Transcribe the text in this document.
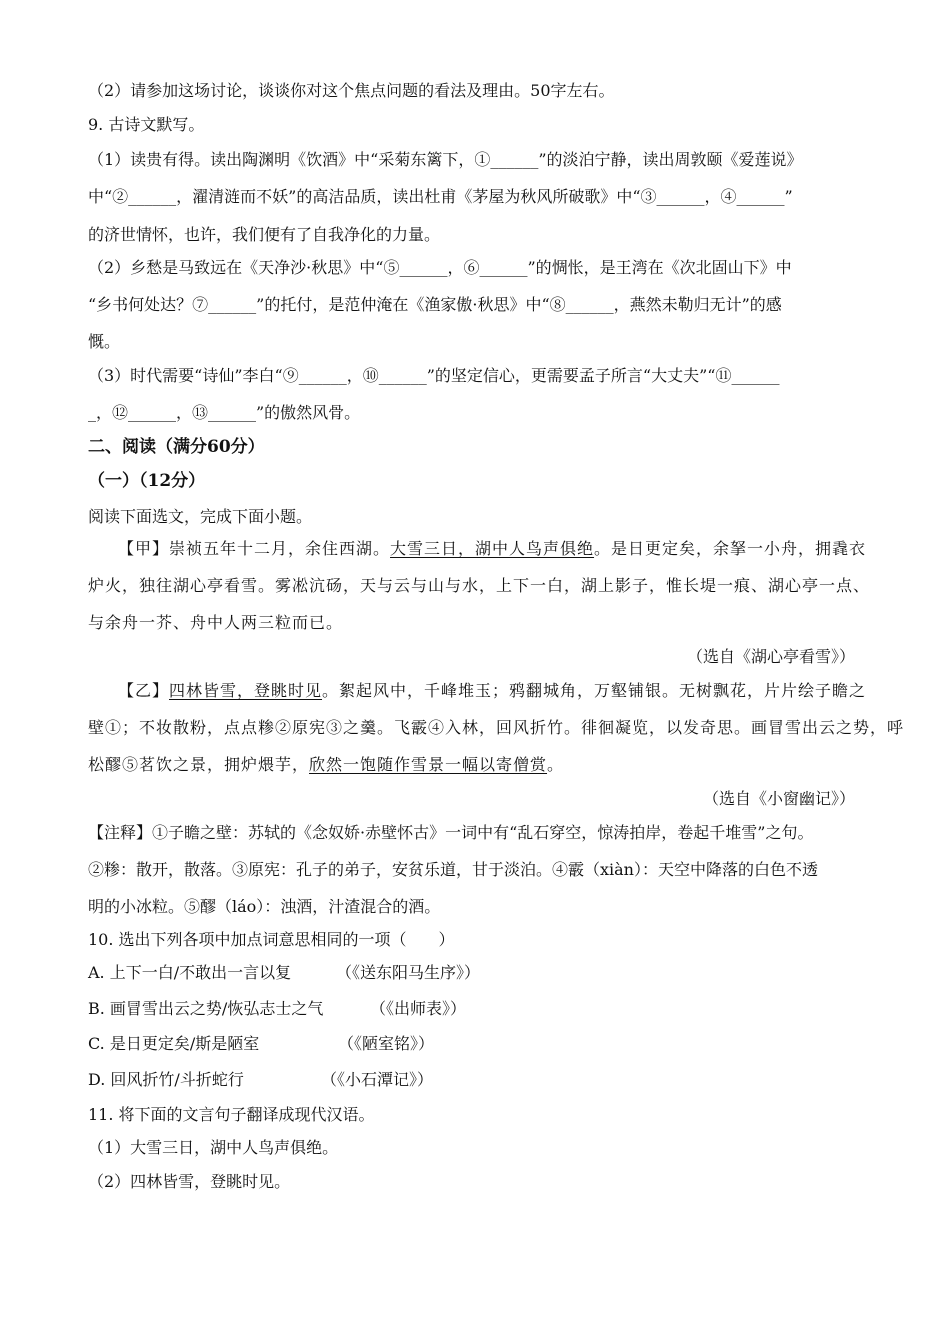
（2）请参加这场讨论，谈谈你对这个焦点问题的看法及理由。50字左右。
9. 古诗文默写。
（1）读贵有得。读出陶渊明《饮酒》中“采菊东篱下，①______”的淡泊宁静，读出周敦颐《爱莲说》
中“②______，濯清涟而不妖”的高洁品质，读出杜甫《茅屋为秋风所破歌》中“③______，④______”
的济世情怀，也许，我们便有了自我净化的力量。
（2）乡愁是马致远在《天净沙·秋思》中“⑤______，⑥______”的惆怅，是王湾在《次北固山下》中
“乡书何处达？⑦______”的托付，是范仲淹在《渔家傲·秋思》中“⑧______，燕然未勒归无计”的感
慨。
（3）时代需要“诗仙”李白“⑨______，⑩______”的坚定信心，更需要孟子所言“大丈夫”“⑪______
_，⑫______，⑬______”的傲然风骨。
二、阅读（满分60分）
（一）（12分）
阅读下面选文，完成下面小题。
【甲】崇祯五年十二月，余住西湖。大雪三日，湖中人鸟声俱绝。是日更定矣，余拏一小舟，拥毳衣
炉火，独往湖心亭看雪。雾凇沆砀，天与云与山与水，上下一白，湖上影子，惟长堤一痕、湖心亭一点、
与余舟一芥、舟中人两三粒而已。
（选自《湖心亭看雪》）
【乙】四林皆雪，登眺时见。絮起风中，千峰堆玉；鸦翻城角，万壑铺银。无树飘花，片片绘子瞻之
壁①；不妆散粉，点点糁②原宪③之羹。飞霰④入林，回风折竹。徘徊凝览，以发奇思。画冒雪出云之势，呼
松醪⑤茗饮之景，拥炉煨芋，欣然一饱随作雪景一幅以寄僧赏。
（选自《小窗幽记》）
【注释】①子瞻之壁：苏轼的《念奴娇·赤壁怀古》一词中有“乱石穿空，惊涛拍岸，卷起千堆雪”之句。
②糁：散开，散落。③原宪：孔子的弟子，安贫乐道，甘于淡泊。④霰（xiàn）：天空中降落的白色不透
明的小冰粒。⑤醪（láo）：浊酒，汁渣混合的酒。
10. 选出下列各项中加点词意思相同的一项（　　）
A. 上下一白/不敢出一言以复	（《送东阳马生序》）
B. 画冒雪出云之势/恢弘志士之气	（《出师表》）
C. 是日更定矣/斯是陋室	（《陋室铭》）
D. 回风折竹/斗折蛇行	（《小石潭记》）
11. 将下面的文言句子翻译成现代汉语。
（1）大雪三日，湖中人鸟声俱绝。
（2）四林皆雪，登眺时见。
